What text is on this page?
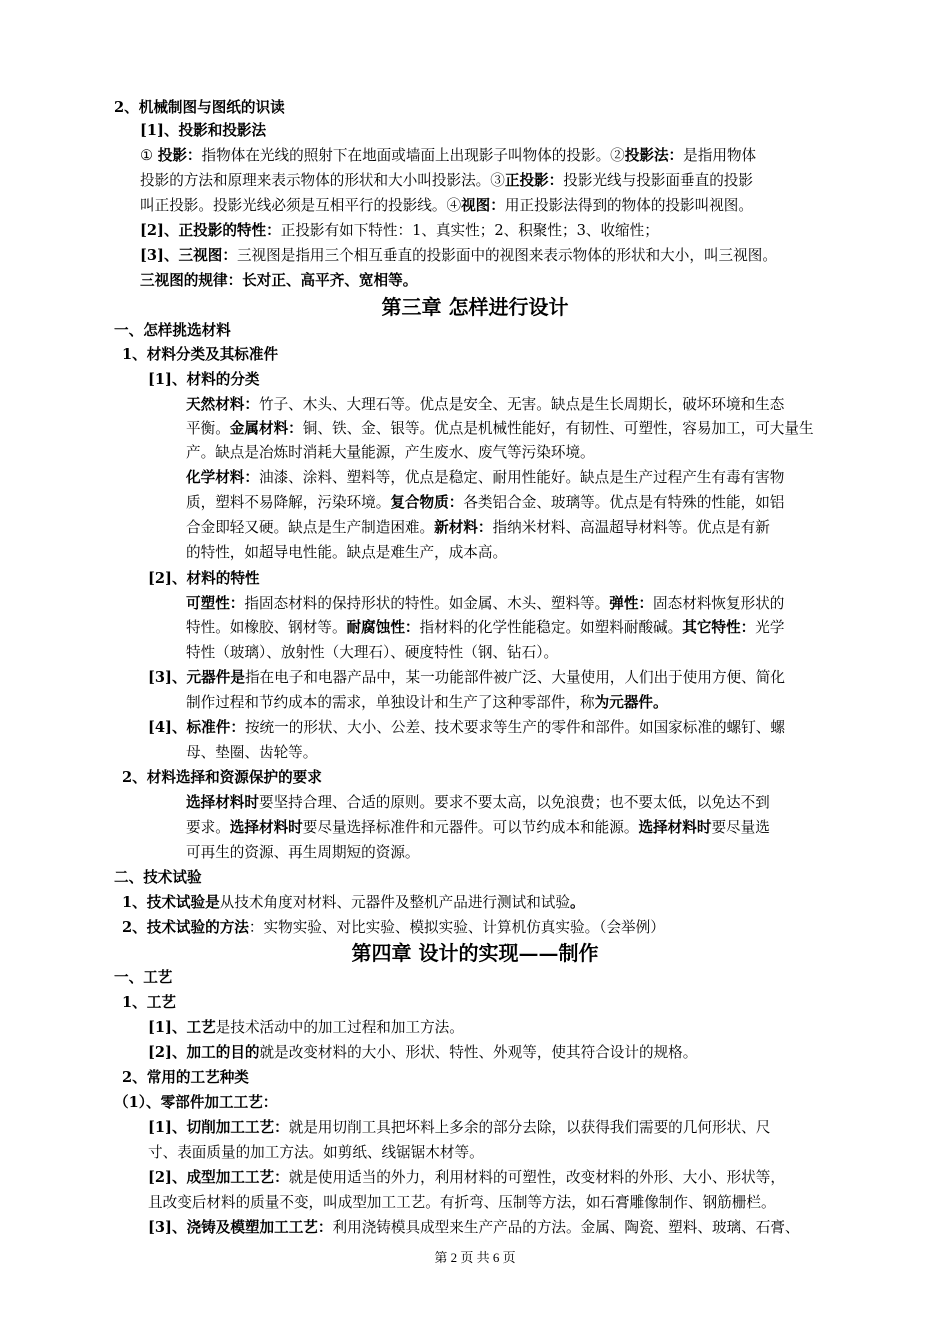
2、机械制图与图纸的识读
[1]、投影和投影法
① 投影：指物体在光线的照射下在地面或墙面上出现影子叫物体的投影。②投影法：是指用物体
投影的方法和原理来表示物体的形状和大小叫投影法。③正投影：投影光线与投影面垂直的投影
叫正投影。投影光线必须是互相平行的投影线。④视图：用正投影法得到的物体的投影叫视图。
[2]、正投影的特性：正投影有如下特性：1、真实性；2、积聚性；3、收缩性；
[3]、三视图：三视图是指用三个相互垂直的投影面中的视图来表示物体的形状和大小，叫三视图。
三视图的规律：长对正、高平齐、宽相等。
第三章 怎样进行设计
一、怎样挑选材料
1、材料分类及其标准件
[1]、材料的分类
天然材料：竹子、木头、大理石等。优点是安全、无害。缺点是生长周期长，破坏环境和生态
平衡。金属材料：铜、铁、金、银等。优点是机械性能好，有韧性、可塑性，容易加工，可大量生
产。缺点是冶炼时消耗大量能源，产生废水、废气等污染环境。
化学材料：油漆、涂料、塑料等，优点是稳定、耐用性能好。缺点是生产过程产生有毒有害物
质，塑料不易降解，污染环境。复合物质：各类铝合金、玻璃等。优点是有特殊的性能，如铝
合金即轻又硬。缺点是生产制造困难。新材料：指纳米材料、高温超导材料等。优点是有新
的特性，如超导电性能。缺点是难生产，成本高。
[2]、材料的特性
可塑性：指固态材料的保持形状的特性。如金属、木头、塑料等。弹性：固态材料恢复形状的
特性。如橡胶、钢材等。耐腐蚀性：指材料的化学性能稳定。如塑料耐酸碱。其它特性：光学
特性（玻璃）、放射性（大理石）、硬度特性（钢、钻石）。
[3]、元器件是指在电子和电器产品中，某一功能部件被广泛、大量使用，人们出于使用方便、简化
制作过程和节约成本的需求，单独设计和生产了这种零部件，称为元器件。
[4]、标准件：按统一的形状、大小、公差、技术要求等生产的零件和部件。如国家标准的螺钉、螺
母、垫圈、齿轮等。
2、材料选择和资源保护的要求
选择材料时要坚持合理、合适的原则。要求不要太高，以免浪费；也不要太低，以免达不到
要求。选择材料时要尽量选择标准件和元器件。可以节约成本和能源。选择材料时要尽量选
可再生的资源、再生周期短的资源。
二、技术试验
1、技术试验是从技术角度对材料、元器件及整机产品进行测试和试验。
2、技术试验的方法：实物实验、对比实验、模拟实验、计算机仿真实验。（会举例）
第四章 设计的实现——制作
一、工艺
1、工艺
[1]、工艺是技术活动中的加工过程和加工方法。
[2]、加工的目的就是改变材料的大小、形状、特性、外观等，使其符合设计的规格。
2、常用的工艺种类
（1）、零部件加工工艺：
[1]、切削加工工艺：就是用切削工具把坏料上多余的部分去除，以获得我们需要的几何形状、尺
寸、表面质量的加工方法。如剪纸、线锯锯木材等。
[2]、成型加工工艺：就是使用适当的外力，利用材料的可塑性，改变材料的外形、大小、形状等，
且改变后材料的质量不变，叫成型加工工艺。有折弯、压制等方法，如石膏雕像制作、钢筋栅栏。
[3]、浇铸及模塑加工工艺：利用浇铸模具成型来生产产品的方法。金属、陶瓷、塑料、玻璃、石膏、
第 2 页 共 6 页
